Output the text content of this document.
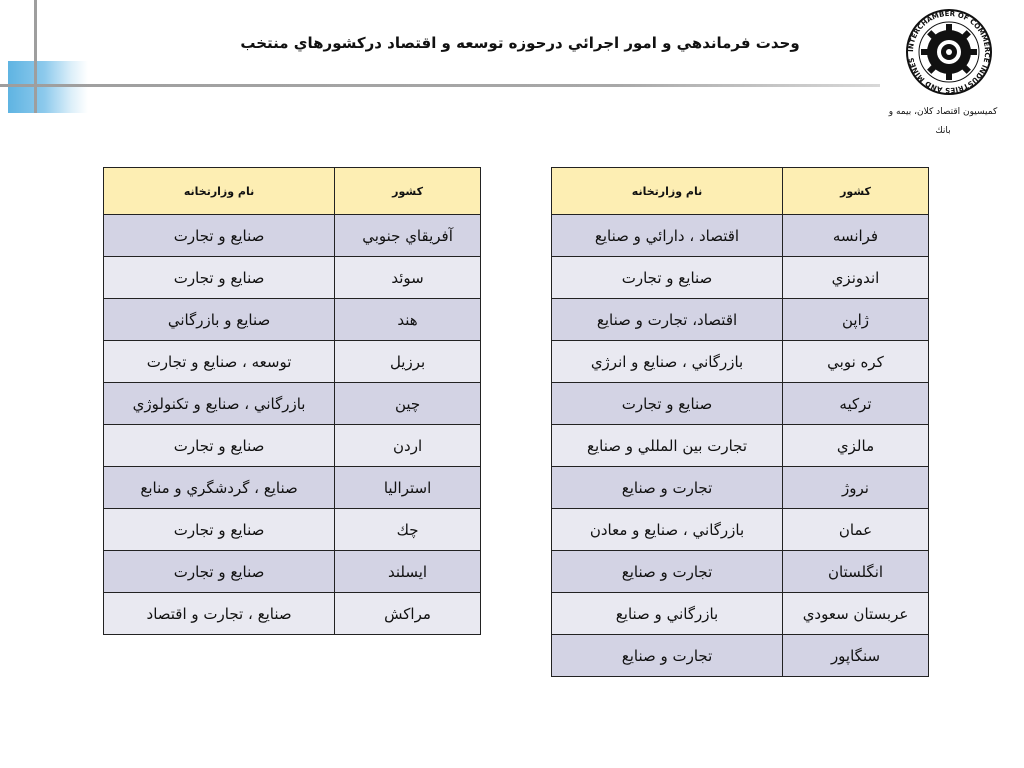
وحدت فرماندهي و امور اجرائي درحوزه توسعه و اقتصاد دركشورهاي منتخب	INTERCHAMBER OF COMMERCE INDUSTRIES AND MINES
كميسيون اقتصاد كلان، بيمه و
بانك
كشور	نام وزارتخانه
فرانسه	اقتصاد ، دارائي و صنايع
اندونزي	صنايع و تجارت
ژاپن	اقتصاد، تجارت و صنايع
كره نوبي	بازرگاني ، صنايع و انرژي
تركيه	صنايع و تجارت
مالزي	تجارت بين المللي و صنايع
نروژ	تجارت و صنايع
عمان	بازرگاني ، صنايع و معادن
انگلستان	تجارت و صنايع
عربستان سعودي	بازرگاني و صنايع
سنگاپور	تجارت و صنايع
كشور	نام وزارتخانه
آفريقاي جنوبي	صنايع و تجارت
سوئد	صنايع و تجارت
هند	صنايع و بازرگاني
برزيل	توسعه ، صنايع و تجارت
چين	بازرگاني ، صنايع و تكنولوژي
اردن	صنايع و تجارت
استراليا	صنايع ، گردشگري و منابع
چك	صنايع و تجارت
ايسلند	صنايع و تجارت
مراكش	صنايع ، تجارت و اقتصاد
